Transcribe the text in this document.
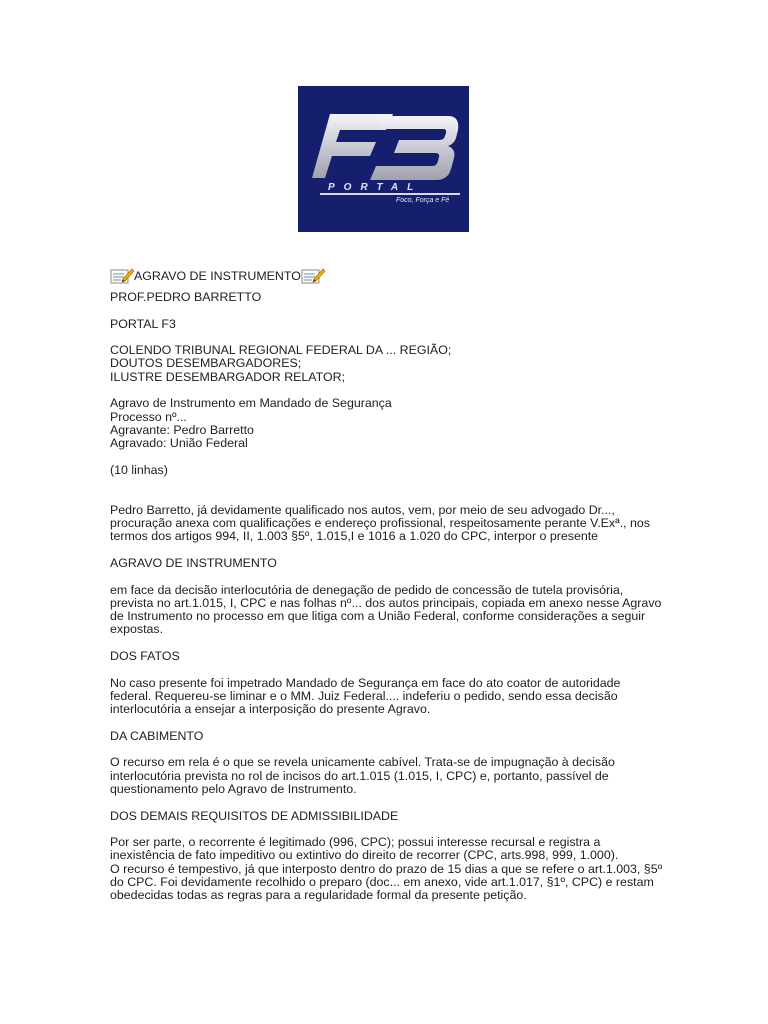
PORTAL
Foco, Força e Fé
AGRAVO DE INSTRUMENTO
PROF.PEDRO BARRETTO
PORTAL F3
COLENDO TRIBUNAL REGIONAL FEDERAL DA ... REGIÃO;
DOUTOS DESEMBARGADORES;
ILUSTRE DESEMBARGADOR RELATOR;
Agravo de Instrumento em Mandado de Segurança
Processo nº...
Agravante: Pedro Barretto
Agravado: União Federal
(10 linhas)
Pedro Barretto, já devidamente qualificado nos autos, vem, por meio de seu advogado Dr...,
procuração anexa com qualificações e endereço profissional, respeitosamente perante V.Exª., nos
termos dos artigos 994, II, 1.003 §5º, 1.015,I e 1016 a 1.020 do CPC, interpor o presente
AGRAVO DE INSTRUMENTO
em face da decisão interlocutória de denegação de pedido de concessão de tutela provisória,
prevista no art.1.015, I, CPC e nas folhas nº... dos autos principais, copiada em anexo nesse Agravo
de Instrumento no processo em que litiga com a União Federal, conforme considerações a seguir
expostas.
DOS FATOS
No caso presente foi impetrado Mandado de Segurança em face do ato coator de autoridade
federal. Requereu-se liminar e o MM. Juiz Federal.... indeferiu o pedido, sendo essa decisão
interlocutória a ensejar a interposição do presente Agravo.
DA CABIMENTO
O recurso em rela é o que se revela unicamente cabível. Trata-se de impugnação à decisão
interlocutória prevista no rol de incisos do art.1.015 (1.015, I, CPC) e, portanto, passível de
questionamento pelo Agravo de Instrumento.
DOS DEMAIS REQUISITOS DE ADMISSIBILIDADE
Por ser parte, o recorrente é legitimado (996, CPC); possui interesse recursal e registra a
inexistência de fato impeditivo ou extintivo do direito de recorrer (CPC, arts.998, 999, 1.000).
O recurso é tempestivo, já que interposto dentro do prazo de 15 dias a que se refere o art.1.003, §5º
do CPC. Foi devidamente recolhido o preparo (doc... em anexo, vide art.1.017, §1º, CPC) e restam
obedecidas todas as regras para a regularidade formal da presente petição.
